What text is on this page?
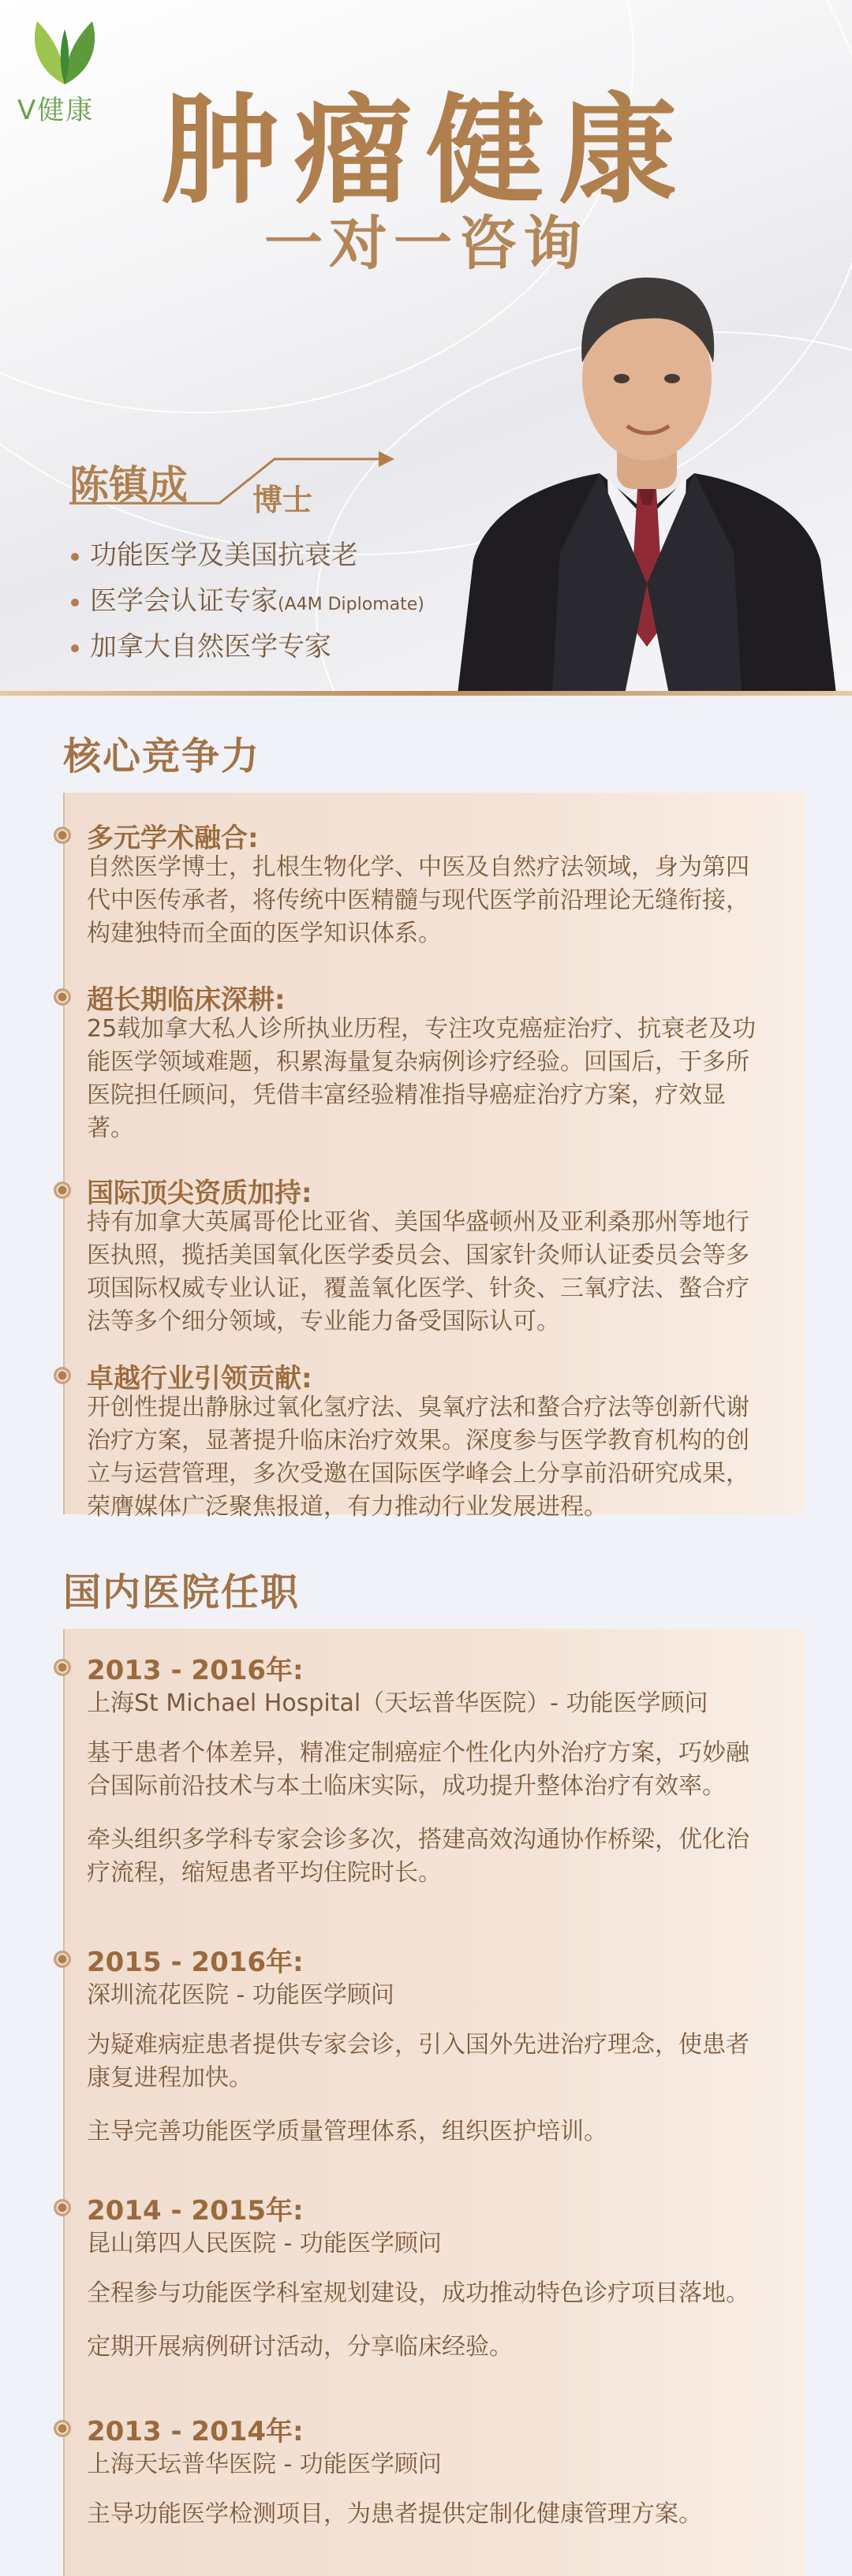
V健康 肿瘤健康
一对一咨询
陈镇成 博士
功能医学及美国抗衰老
医学会认证专家(A4M Diplomate)
加拿大自然医学专家
核心竞争力
多元学术融合:

自然医学博士，扎根生物化学、中医及自然疗法领域，身为第四

代中医传承者，将传统中医精髓与现代医学前沿理论无缝衔接，

构建独特而全面的医学知识体系。

超长期临床深耕:

25载加拿大私人诊所执业历程，专注攻克癌症治疗、抗衰老及功

能医学领域难题，积累海量复杂病例诊疗经验。回国后，于多所

医院担任顾问，凭借丰富经验精准指导癌症治疗方案，疗效显

著。

国际顶尖资质加持:

持有加拿大英属哥伦比亚省、美国华盛顿州及亚利桑那州等地行

医执照，揽括美国氧化医学委员会、国家针灸师认证委员会等多

项国际权威专业认证，覆盖氧化医学、针灸、三氧疗法、螯合疗

法等多个细分领域，专业能力备受国际认可。

卓越行业引领贡献:

开创性提出静脉过氧化氢疗法、臭氧疗法和螯合疗法等创新代谢

治疗方案，显著提升临床治疗效果。深度参与医学教育机构的创

立与运营管理，多次受邀在国际医学峰会上分享前沿研究成果，

荣膺媒体广泛聚焦报道，有力推动行业发展进程。

国内医院任职
2013 - 2016年:
上海St Michael Hospital（天坛普华医院）- 功能医学顾问

基于患者个体差异，精准定制癌症个性化内外治疗方案，巧妙融

合国际前沿技术与本土临床实际，成功提升整体治疗有效率。

牵头组织多学科专家会诊多次，搭建高效沟通协作桥梁，优化治

疗流程，缩短患者平均住院时长。

2015 - 2016年:
深圳流花医院 - 功能医学顾问

为疑难病症患者提供专家会诊，引入国外先进治疗理念，使患者

康复进程加快。

主导完善功能医学质量管理体系，组织医护培训。

2014 - 2015年:
昆山第四人民医院 - 功能医学顾问

全程参与功能医学科室规划建设，成功推动特色诊疗项目落地。

定期开展病例研讨活动，分享临床经验。

2013 - 2014年:
上海天坛普华医院 - 功能医学顾问

主导功能医学检测项目，为患者提供定制化健康管理方案。
